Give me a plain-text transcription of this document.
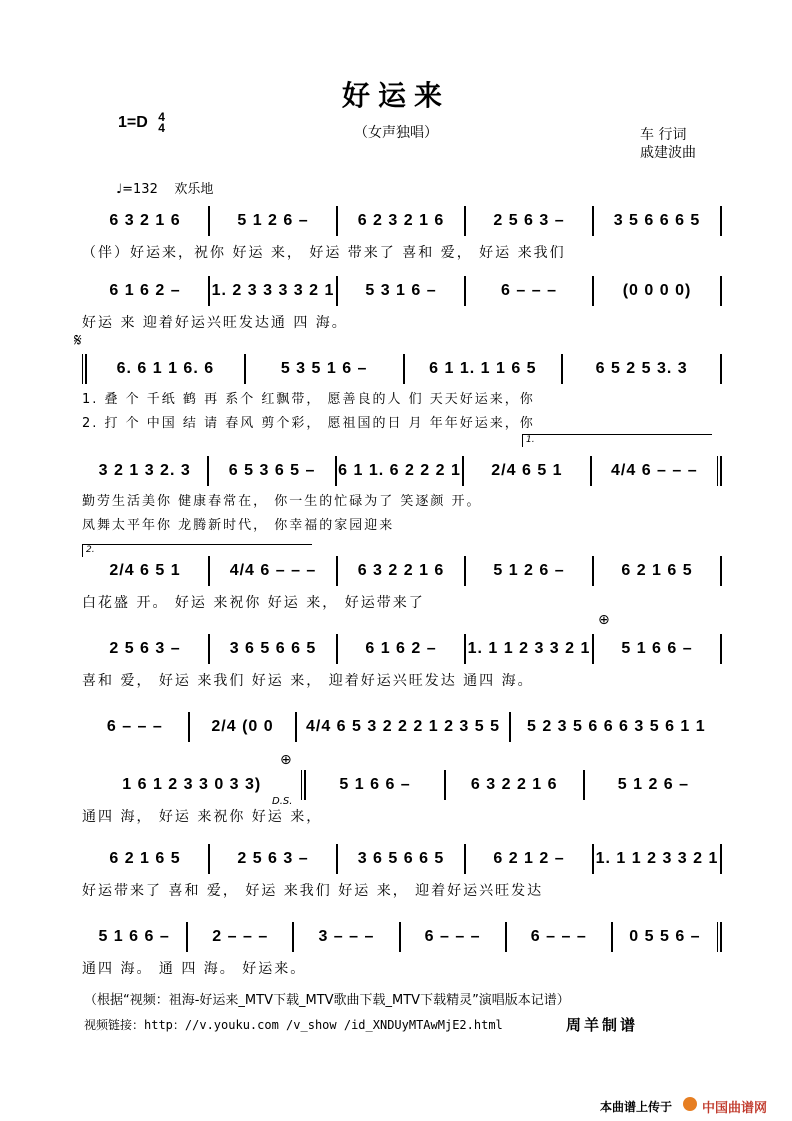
好运来
（女声独唱）
1=D 4
4	车 行词
戚建波曲
♩=132 欢乐地
𝄋
6 3 2 1 6	5 1 2 6 –	6 2 3 2 1 6	2 5 6 3 –	3 5 6 6 6 5
（伴）好运来，祝你 好运 来， 好运 带来了 喜和 爱， 好运 来我们
6 1 6 2 –	1. 2 3 3 3 3 2 1	5 3 1 6 –	6 – – –	(0 0 0 0)
好运 来 迎着好运兴旺发达通 四 海。
6. 6 1 1 6. 6	5 3 5 1 6 –	6 1 1. 1 1 6 5	6 5 2 5 3. 3
1. 叠 个 千纸 鹤 再 系个 红飘带， 愿善良的人 们 天天好运来，你
2. 打 个 中国 结 请 春风 剪个彩， 愿祖国的日 月 年年好运来，你
1.
3 2 1 3 2. 3	6 5 3 6 5 –	6 1 1. 6 2 2 2 1	2/4 6 5 1	4/4 6 – – –
勤劳生活美你 健康春常在， 你一生的忙碌为了 笑逐颜 开。
凤舞太平年你 龙腾新时代， 你幸福的家园迎来
2.
2/4 6 5 1	4/4 6 – – –	6 3 2 2 1 6	5 1 2 6 –	6 2 1 6 5
白花盛 开。 好运 来祝你 好运 来， 好运带来了
⊕
2 5 6 3 –	3 6 5 6 6 5	6 1 6 2 –	1. 1 1 2 3 3 2 1	5 1 6 6 –
喜和 爱， 好运 来我们 好运 来， 迎着好运兴旺发达 通四 海。
6 – – –	2/4 (0 0	4/4 6 5 3 2 2 2 1 2 3 5 5	5 2 3 5 6 6 6 3 5 6 1 1
⊕
D.S.
1 6 1 2 3 3 0 3 3)	5 1 6 6 –	6 3 2 2 1 6	5 1 2 6 –
通四 海， 好运 来祝你 好运 来，
6 2 1 6 5	2 5 6 3 –	3 6 5 6 6 5	6 2 1 2 –	1. 1 1 2 3 3 2 1
好运带来了 喜和 爱， 好运 来我们 好运 来， 迎着好运兴旺发达
5 1 6 6 –	2 – – –	3 – – –	6 – – –	6 – – –	0 5 5 6 –
通四 海。 通 四 海。 好运来。
（根据“视频：祖海-好运来_MTV下载_MTV歌曲下载_MTV下载精灵”演唱版本记谱）
视频链接：http：//v.youku.com /v_show /id_XNDUyMTAwMjE2.html	周羊制谱
本曲谱上传于 中国曲谱网
